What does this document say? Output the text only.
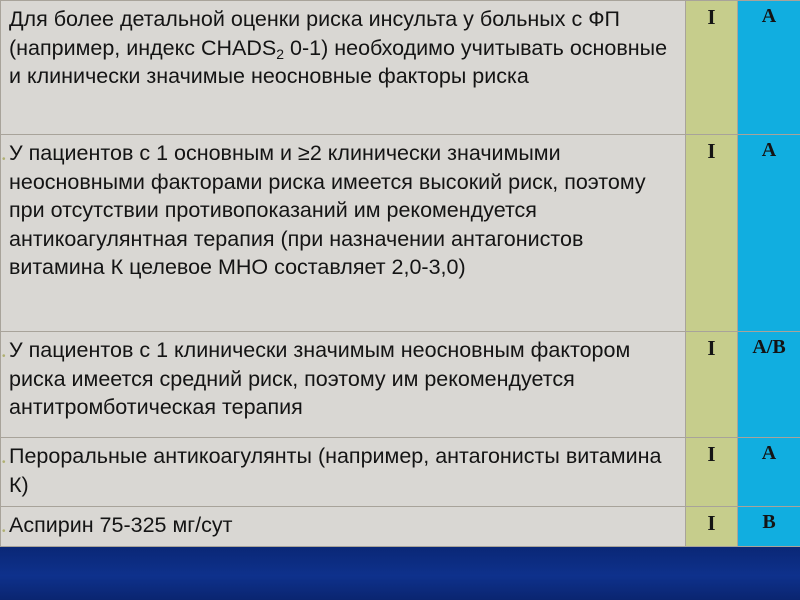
Для более детальной оценки риска инсульта у больных с ФП (например, индекс $CHADS_2$ 0-1) необходимо учитывать основные и клинически значимые неосновные факторы риска	I	A

• У пациентов с 1 основным и ≥2 клинически значимыми неосновными факторами риска имеется высокий риск, поэтому при отсутствии противопоказаний им рекомендуется антикоагулянтная терапия (при назначении антагонистов витамина К целевое МНО составляет 2,0-3,0)	I	A

• У пациентов с 1 клинически значимым неосновным фактором риска имеется средний риск, поэтому им рекомендуется антитромботическая терапия	I	A/B

• Пероральные антикоагулянты (например, антагонисты витамина К)	I	A

• Аспирин 75-325 мг/сут	I	B
